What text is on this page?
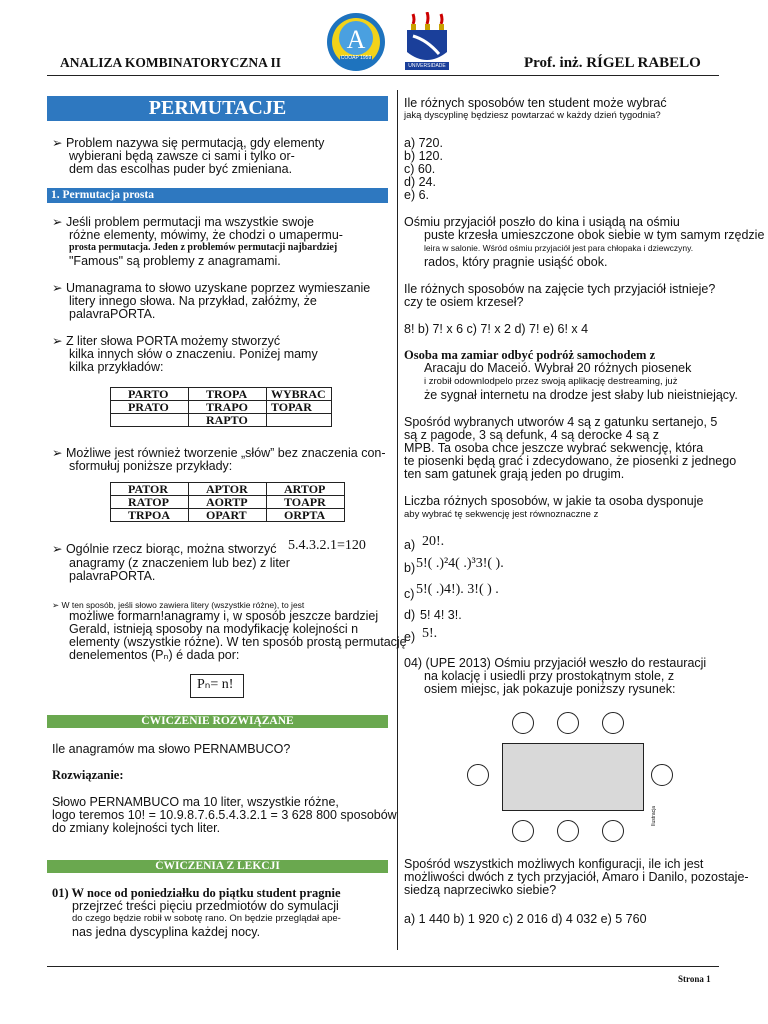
ANALIZA KOMBINATORYCZNA II	Prof. inż. RÍGEL RABELO
A
COOAP 1959
UNIVERSIDADE
PERMUTACJE
➢ Problem nazywa się permutacją, gdy elementy
wybierani będą zawsze ci sami i tylko or-
dem das escolhas puder być zmieniana.
1. Permutacja prosta
➢ Jeśli problem permutacji ma wszystkie swoje
różne elementy, mówimy, że chodzi o umapermu-
prosta permutacja. Jeden z problemów permutacji najbardziej
"Famous" są problemy z anagramami.
➢ Umanagrama to słowo uzyskane poprzez wymieszanie
litery innego słowa. Na przykład, załóżmy, że
palavraPORTA.
➢ Z liter słowa PORTA możemy stworzyć
kilka innych słów o znaczeniu. Poniżej mamy
kilka przykładów:
PARTO	TROPA	WYBRAC
PRATO	TRAPO	TOPAR
	RAPTO	
➢ Możliwe jest również tworzenie „słów” bez znaczenia con-
sformułuj poniższe przykłady:
PATOR	APTOR	ARTOP
RATOP	AORTP	TOAPR
TRPOA	OPART	ORPTA
➢ Ogólnie rzecz biorąc, można stworzyć 5.4.3.2.1=120
anagramy (z znaczeniem lub bez) z liter
palavraPORTA.
➢ W ten sposób, jeśli słowo zawiera litery (wszystkie różne), to jest
możliwe formarn!anagramy i, w sposób jeszcze bardziej
Gerald, istnieją sposoby na modyfikację kolejności n
elementy (wszystkie różne). W ten sposób prostą permutację
denelementos (Pₙ) é dada por:
Pₙ= n!
ĆWICZENIE ROZWIĄZANE
Ile anagramów ma słowo PERNAMBUCO?
Rozwiązanie:
Słowo PERNAMBUCO ma 10 liter, wszystkie różne,
logo teremos 10! = 10.9.8.7.6.5.4.3.2.1 = 3 628 800 sposobów
do zmiany kolejności tych liter.
ĆWICZENIA Z LEKCJI
01) W noce od poniedziałku do piątku student pragnie
przejrzeć treści pięciu przedmiotów do symulacji
do czego będzie robił w sobotę rano. On będzie przeglądał ape-
nas jedna dyscyplina każdej nocy.
Ile różnych sposobów ten student może wybrać
jaką dyscyplinę będziesz powtarzać w każdy dzień tygodnia?
a) 720.
b) 120.
c) 60.
d) 24.
e) 6.
Ośmiu przyjaciół poszło do kina i usiądą na ośmiu
puste krzesła umieszczone obok siebie w tym samym rzędzie
leira w salonie. Wśród ośmiu przyjaciół jest para chłopaka i dziewczyny.
rados, który pragnie usiąść obok.
Ile różnych sposobów na zajęcie tych przyjaciół istnieje?
czy te osiem krzeseł?
8! b) 7! x 6 c) 7! x 2 d) 7! e) 6! x 4
Osoba ma zamiar odbyć podróż samochodem z
Aracaju do Maceió. Wybrał 20 różnych piosenek
i zrobił odownlodpelo przez swoją aplikację destreaming, już
że sygnał internetu na drodze jest słaby lub nieistniejący.
Spośród wybranych utworów 4 są z gatunku sertanejo, 5
są z pagode, 3 są defunk, 4 są derocke 4 są z
MPB. Ta osoba chce jeszcze wybrać sekwencję, która
te piosenki będą grać i zdecydowano, że piosenki z jednego
ten sam gatunek grają jeden po drugim.
Liczba różnych sposobów, w jakie ta osoba dysponuje
aby wybrać tę sekwencję jest równoznaczne z
a) 20!.
b) 5!( .)²4( .)³3!( ).
c) 5!( .)4!). 3!( ) .
d) 5! 4! 3!.
e) 5!.
04) (UPE 2013) Ośmiu przyjaciół weszło do restauracji
na kolację i usiedli przy prostokątnym stole, z
osiem miejsc, jak pokazuje poniższy rysunek:
Ilustracja
Spośród wszystkich możliwych konfiguracji, ile ich jest
możliwości dwóch z tych przyjaciół, Amaro i Danilo, pozostaje-
siedzą naprzeciwko siebie?
a) 1 440 b) 1 920 c) 2 016 d) 4 032 e) 5 760
Strona 1
